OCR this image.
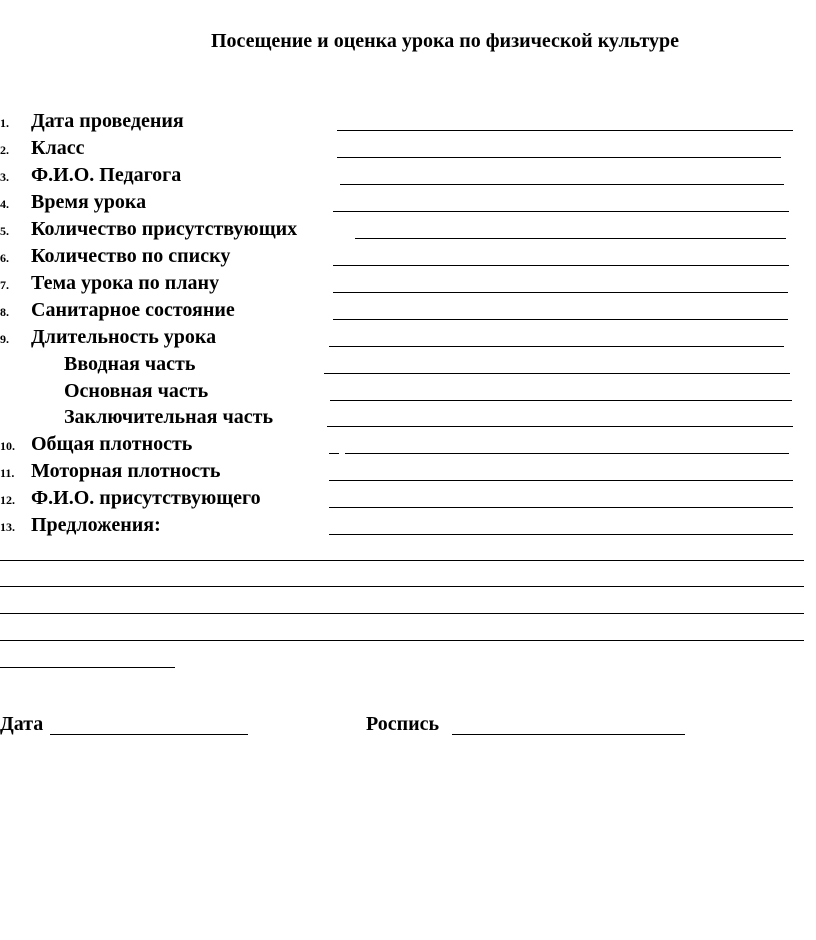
Посещение и оценка урока по физической культуре
1. Дата проведения
2. Класс
3. Ф.И.О. Педагога
4. Время урока
5. Количество присутствующих
6. Количество по списку
7. Тема урока по плану
8. Санитарное состояние
9. Длительность урока
Вводная часть
Основная часть
Заключительная часть
10. Общая плотность
11. Моторная плотность
12. Ф.И.О. присутствующего
13. Предложения:
Дата	Роспись
